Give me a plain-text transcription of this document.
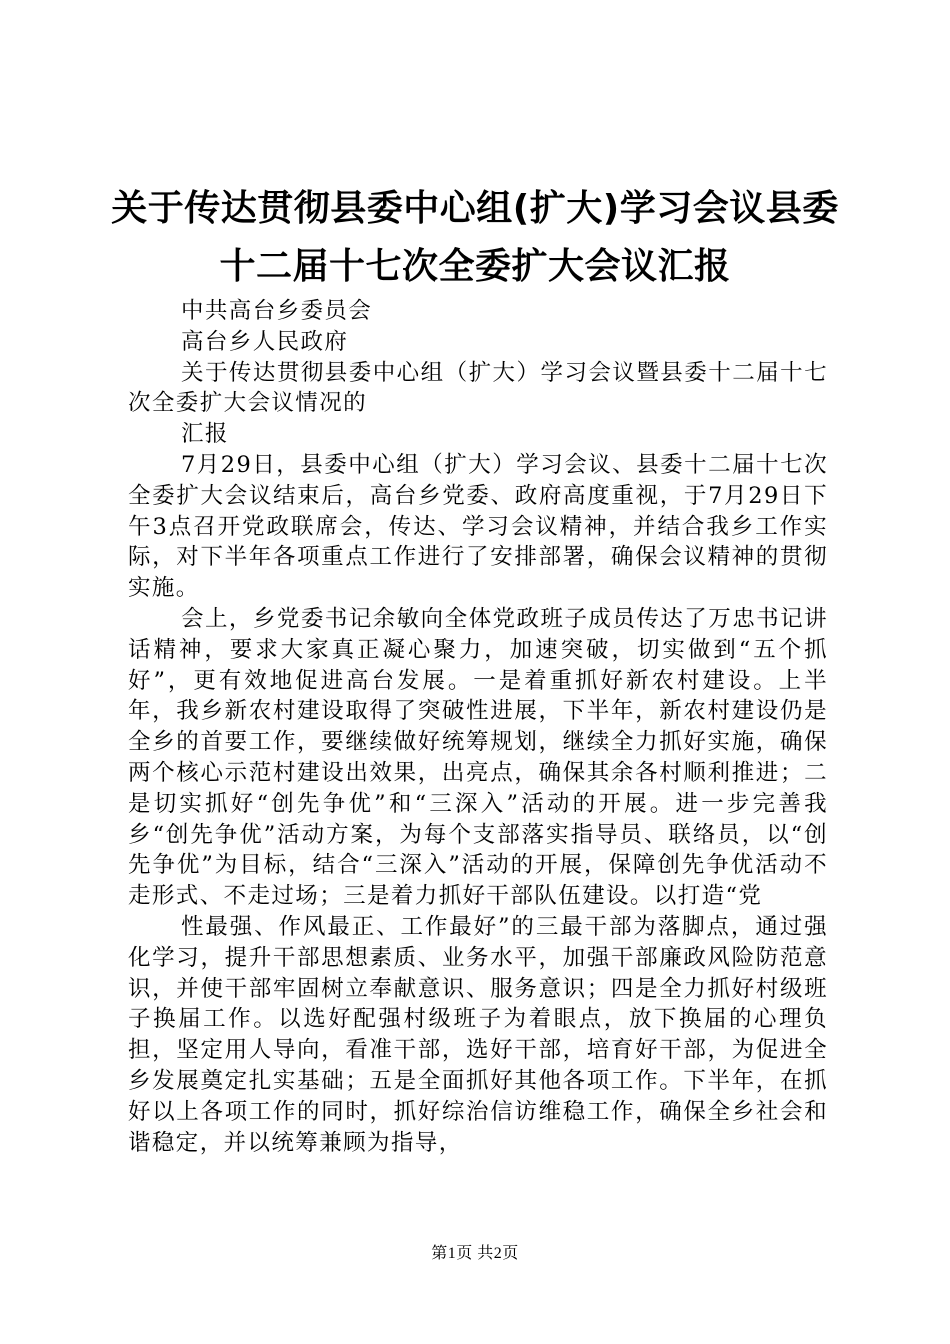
关于传达贯彻县委中心组(扩大)学习会议县委
十二届十七次全委扩大会议汇报

中共高台乡委员会

高台乡人民政府

关于传达贯彻县委中心组（扩大）学习会议暨县委十二届十七次全委扩大会议情况的

汇报

7月29日，县委中心组（扩大）学习会议、县委十二届十七次全委扩大会议结束后，高台乡党委、政府高度重视，于7月29日下午3点召开党政联席会，传达、学习会议精神，并结合我乡工作实际，对下半年各项重点工作进行了安排部署，确保会议精神的贯彻实施。

会上，乡党委书记余敏向全体党政班子成员传达了万忠书记讲话精神，要求大家真正凝心聚力，加速突破，切实做到“五个抓好”，更有效地促进高台发展。一是着重抓好新农村建设。上半年，我乡新农村建设取得了突破性进展，下半年，新农村建设仍是全乡的首要工作，要继续做好统筹规划，继续全力抓好实施，确保两个核心示范村建设出效果，出亮点，确保其余各村顺利推进；二是切实抓好“创先争优”和“三深入”活动的开展。进一步完善我乡“创先争优”活动方案，为每个支部落实指导员、联络员，以“创先争优”为目标，结合“三深入”活动的开展，保障创先争优活动不走形式、不走过场；三是着力抓好干部队伍建设。以打造“党

性最强、作风最正、工作最好”的三最干部为落脚点，通过强化学习，提升干部思想素质、业务水平，加强干部廉政风险防范意识，并使干部牢固树立奉献意识、服务意识；四是全力抓好村级班子换届工作。以选好配强村级班子为着眼点，放下换届的心理负担，坚定用人导向，看准干部，选好干部，培育好干部，为促进全乡发展奠定扎实基础；五是全面抓好其他各项工作。下半年，在抓好以上各项工作的同时，抓好综治信访维稳工作，确保全乡社会和谐稳定，并以统筹兼顾为指导，

第1页 共2页
